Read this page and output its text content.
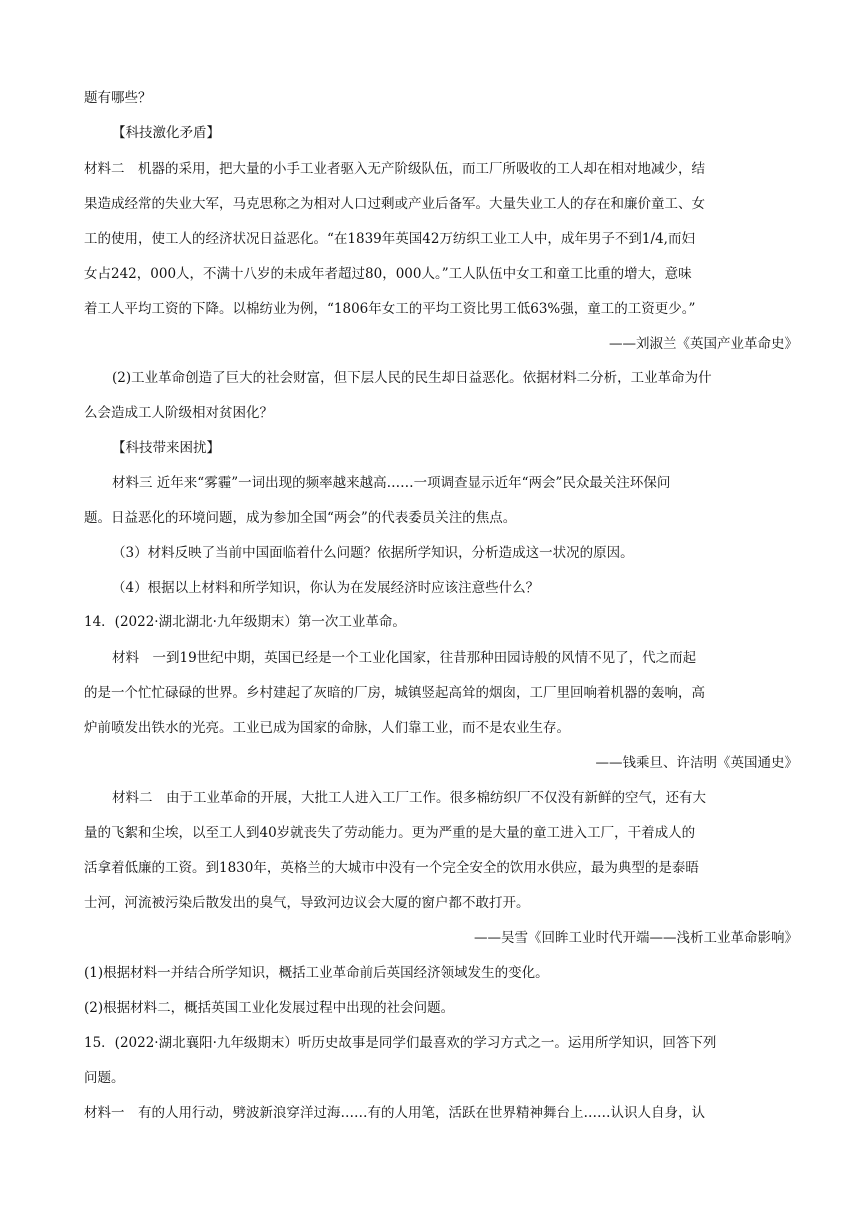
题有哪些？
【科技激化矛盾】
材料二　机器的采用，把大量的小手工业者驱入无产阶级队伍，而工厂所吸收的工人却在相对地减少，结
果造成经常的失业大军，马克思称之为相对人口过剩或产业后备军。大量失业工人的存在和廉价童工、女
工的使用，使工人的经济状况日益恶化。“在1839年英国42万纺织工业工人中，成年男子不到1/4,而妇
女占242，000人，不满十八岁的未成年者超过80，000人。”工人队伍中女工和童工比重的增大，意味
着工人平均工资的下降。以棉纺业为例，“1806年女工的平均工资比男工低63%强，童工的工资更少。”
——刘淑兰《英国产业革命史》
(2)工业革命创造了巨大的社会财富，但下层人民的民生却日益恶化。依据材料二分析，工业革命为什
么会造成工人阶级相对贫困化？
【科技带来困扰】
材料三 近年来“雾霾”一词出现的频率越来越高……一项调查显示近年“两会”民众最关注环保问
题。日益恶化的环境问题，成为参加全国“两会”的代表委员关注的焦点。
（3）材料反映了当前中国面临着什么问题？依据所学知识，分析造成这一状况的原因。
（4）根据以上材料和所学知识，你认为在发展经济时应该注意些什么？
14．(2022·湖北湖北·九年级期末）第一次工业革命。
材料　一到19世纪中期，英国已经是一个工业化国家，往昔那种田园诗般的风情不见了，代之而起
的是一个忙忙碌碌的世界。乡村建起了灰暗的厂房，城镇竖起高耸的烟囱，工厂里回响着机器的轰响，高
炉前喷发出铁水的光亮。工业已成为国家的命脉，人们靠工业，而不是农业生存。
——钱乘旦、许洁明《英国通史》
材料二　由于工业革命的开展，大批工人进入工厂工作。很多棉纺织厂不仅没有新鲜的空气，还有大
量的飞絮和尘埃，以至工人到40岁就丧失了劳动能力。更为严重的是大量的童工进入工厂，干着成人的
活拿着低廉的工资。到1830年，英格兰的大城市中没有一个完全安全的饮用水供应，最为典型的是泰晤
士河，河流被污染后散发出的臭气，导致河边议会大厦的窗户都不敢打开。
——吴雪《回眸工业时代开端——浅析工业革命影响》
(1)根据材料一并结合所学知识，概括工业革命前后英国经济领域发生的变化。
(2)根据材料二，概括英国工业化发展过程中出现的社会问题。
15．(2022·湖北襄阳·九年级期末）听历史故事是同学们最喜欢的学习方式之一。运用所学知识，回答下列
问题。
材料一　有的人用行动，劈波新浪穿洋过海……有的人用笔，活跃在世界精神舞台上……认识人自身，认
